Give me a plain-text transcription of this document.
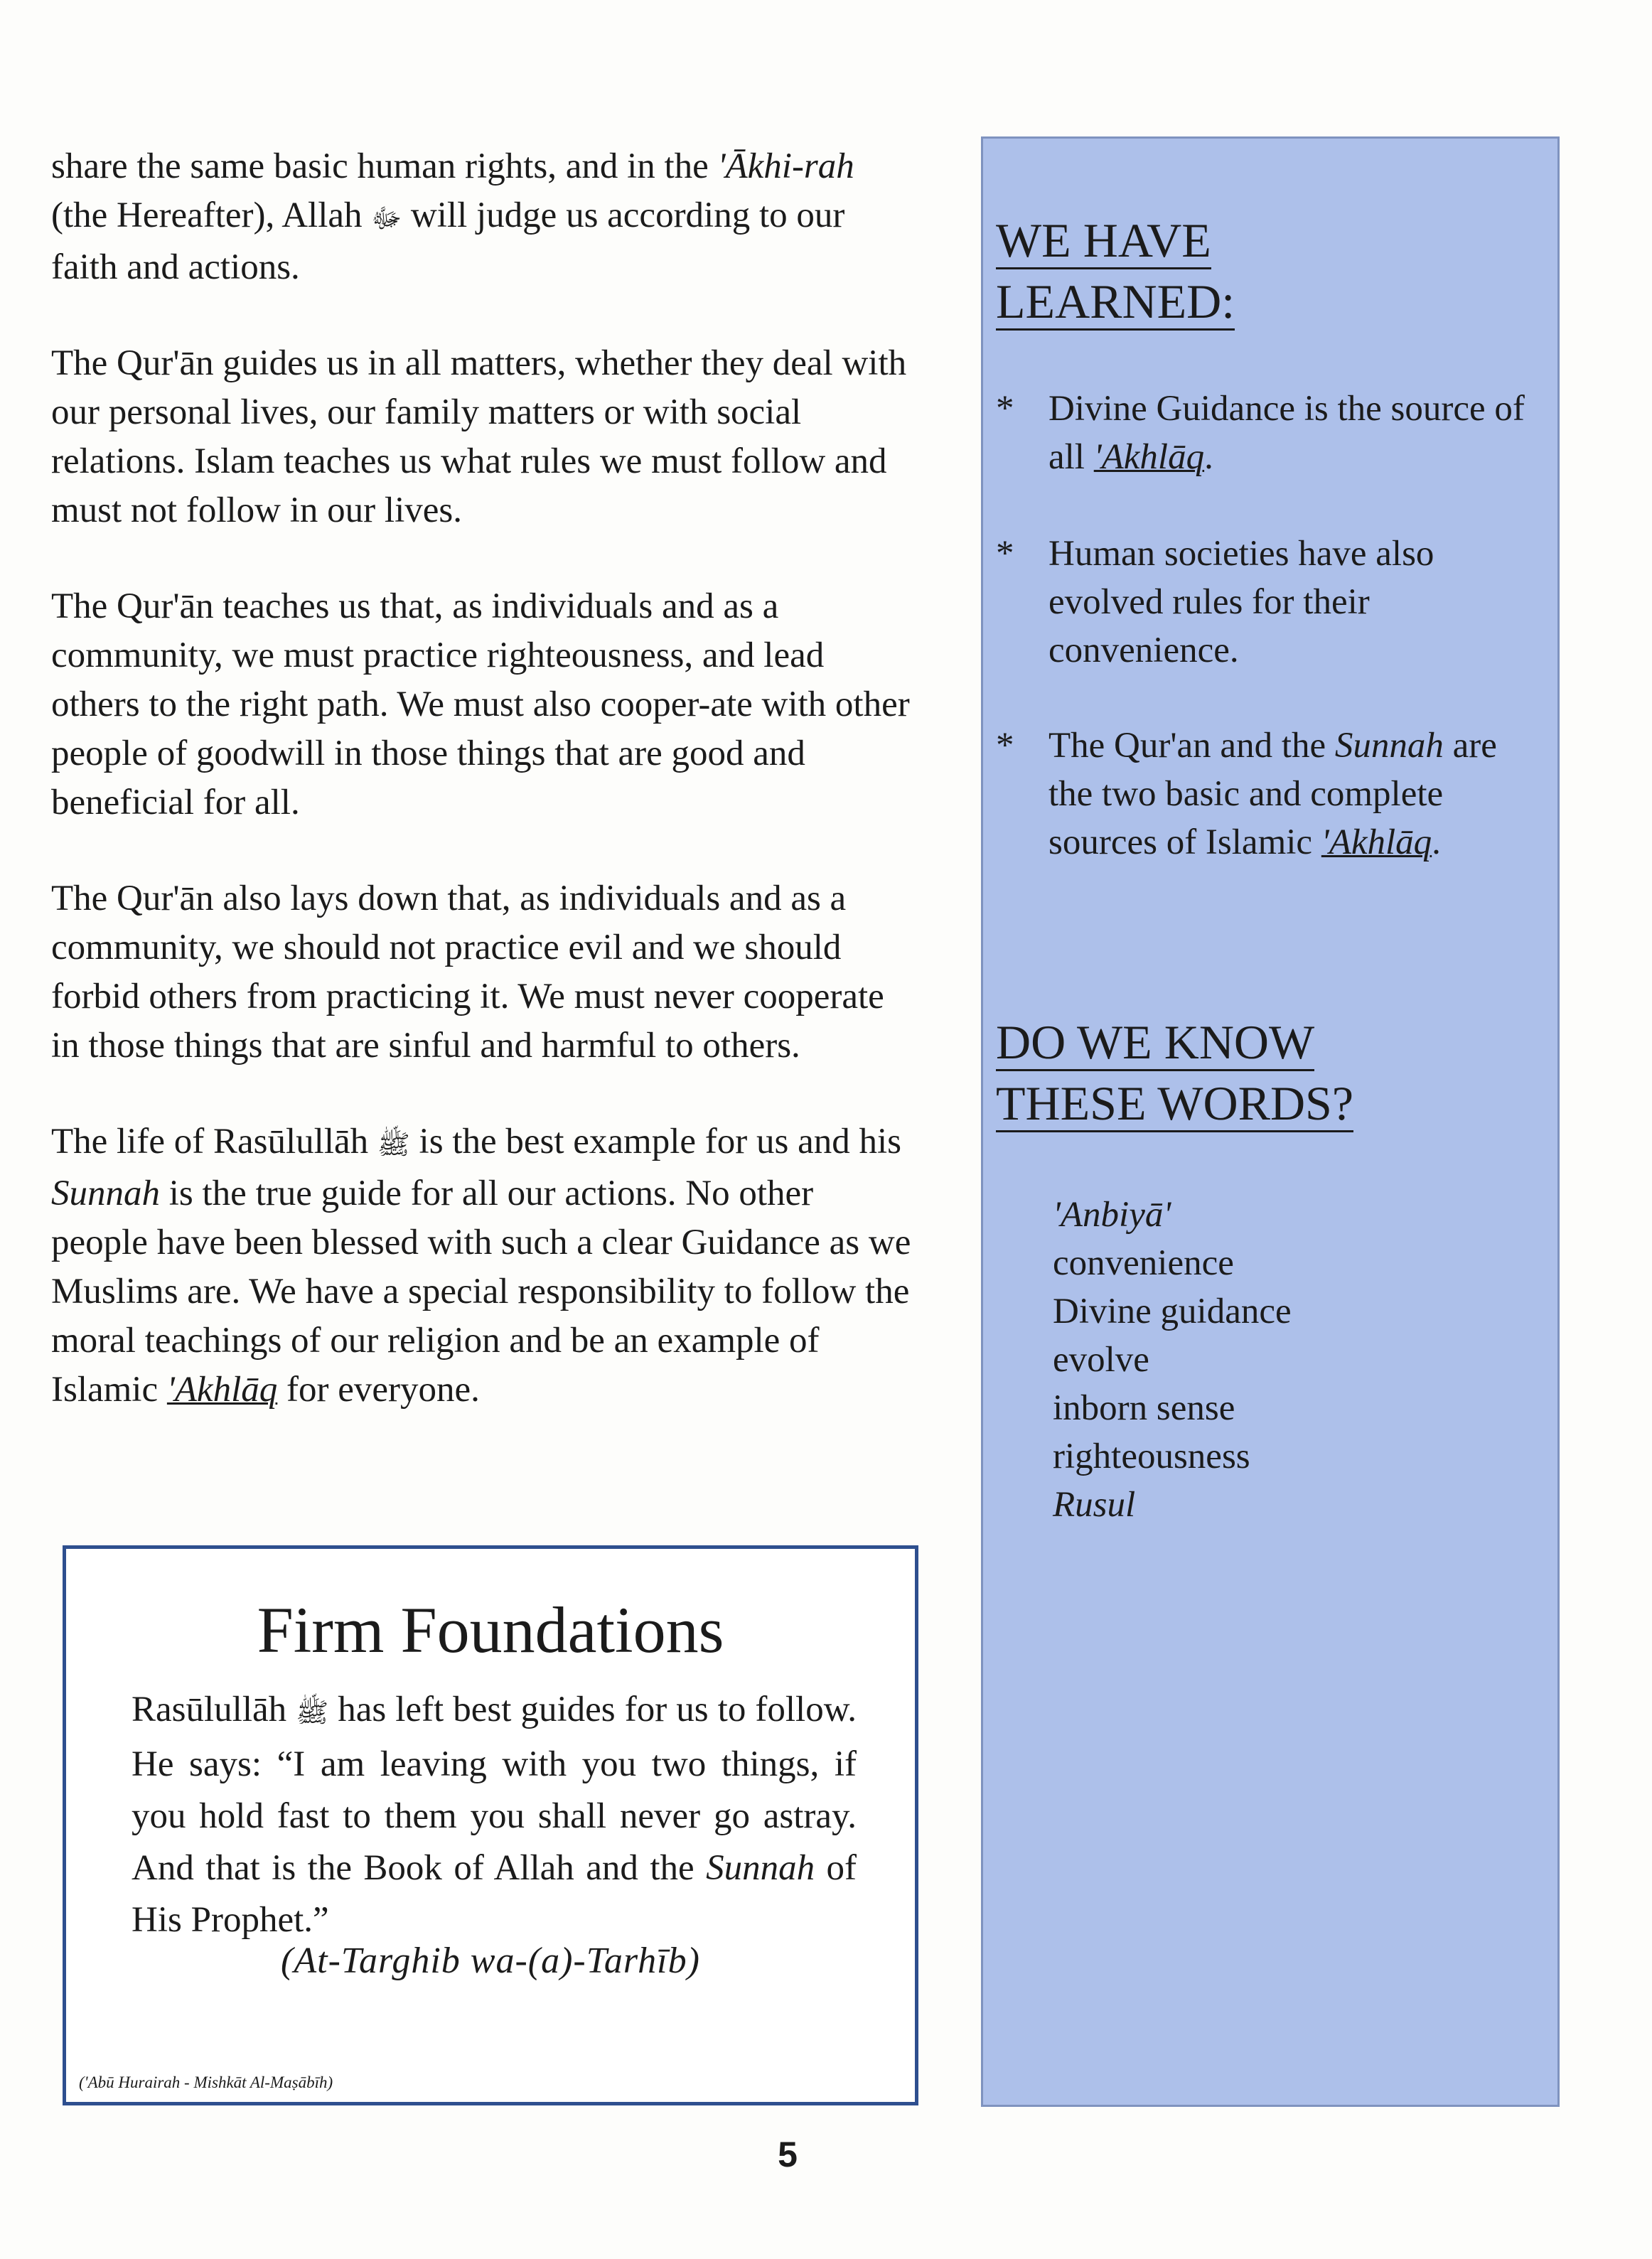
share the same basic human rights, and in the 'Ākhi-rah (the Hereafter), Allah ﷻ will judge us according to our faith and actions.

The Qur'ān guides us in all matters, whether they deal with our personal lives, our family matters or with social relations. Islam teaches us what rules we must follow and must not follow in our lives.

The Qur'ān teaches us that, as individuals and as a community, we must practice righteousness, and lead others to the right path. We must also cooper-ate with other people of goodwill in those things that are good and beneficial for all.

The Qur'ān also lays down that, as individuals and as a community, we should not practice evil and we should forbid others from practicing it. We must never cooperate in those things that are sinful and harmful to others.

The life of Rasūlullāh ﷺ is the best example for us and his Sunnah is the true guide for all our actions. No other people have been blessed with such a clear Guidance as we Muslims are. We have a special responsibility to follow the moral teachings of our religion and be an example of Islamic 'Akhlāq for everyone.

Firm Foundations
Rasūlullāh ﷺ has left best guides for us to follow. He says: “I am leaving with you two things, if you hold fast to them you shall never go astray. And that is the Book of Allah and the Sunnah of His Prophet.”
(At-Targhib wa-(a)-Tarhīb)
('Abū Hurairah - Mishkāt Al-Maṣābīh)
WE HAVE
LEARNED:
* Divine Guidance is the source of all 'Akhlāq.
* Human societies have also evolved rules for their convenience.
* The Qur'an and the Sunnah are the two basic and complete sources of Islamic 'Akhlāq.
DO WE KNOW
THESE WORDS?
'Anbiyā'
convenience
Divine guidance
evolve
inborn sense
righteousness
Rusul
5
